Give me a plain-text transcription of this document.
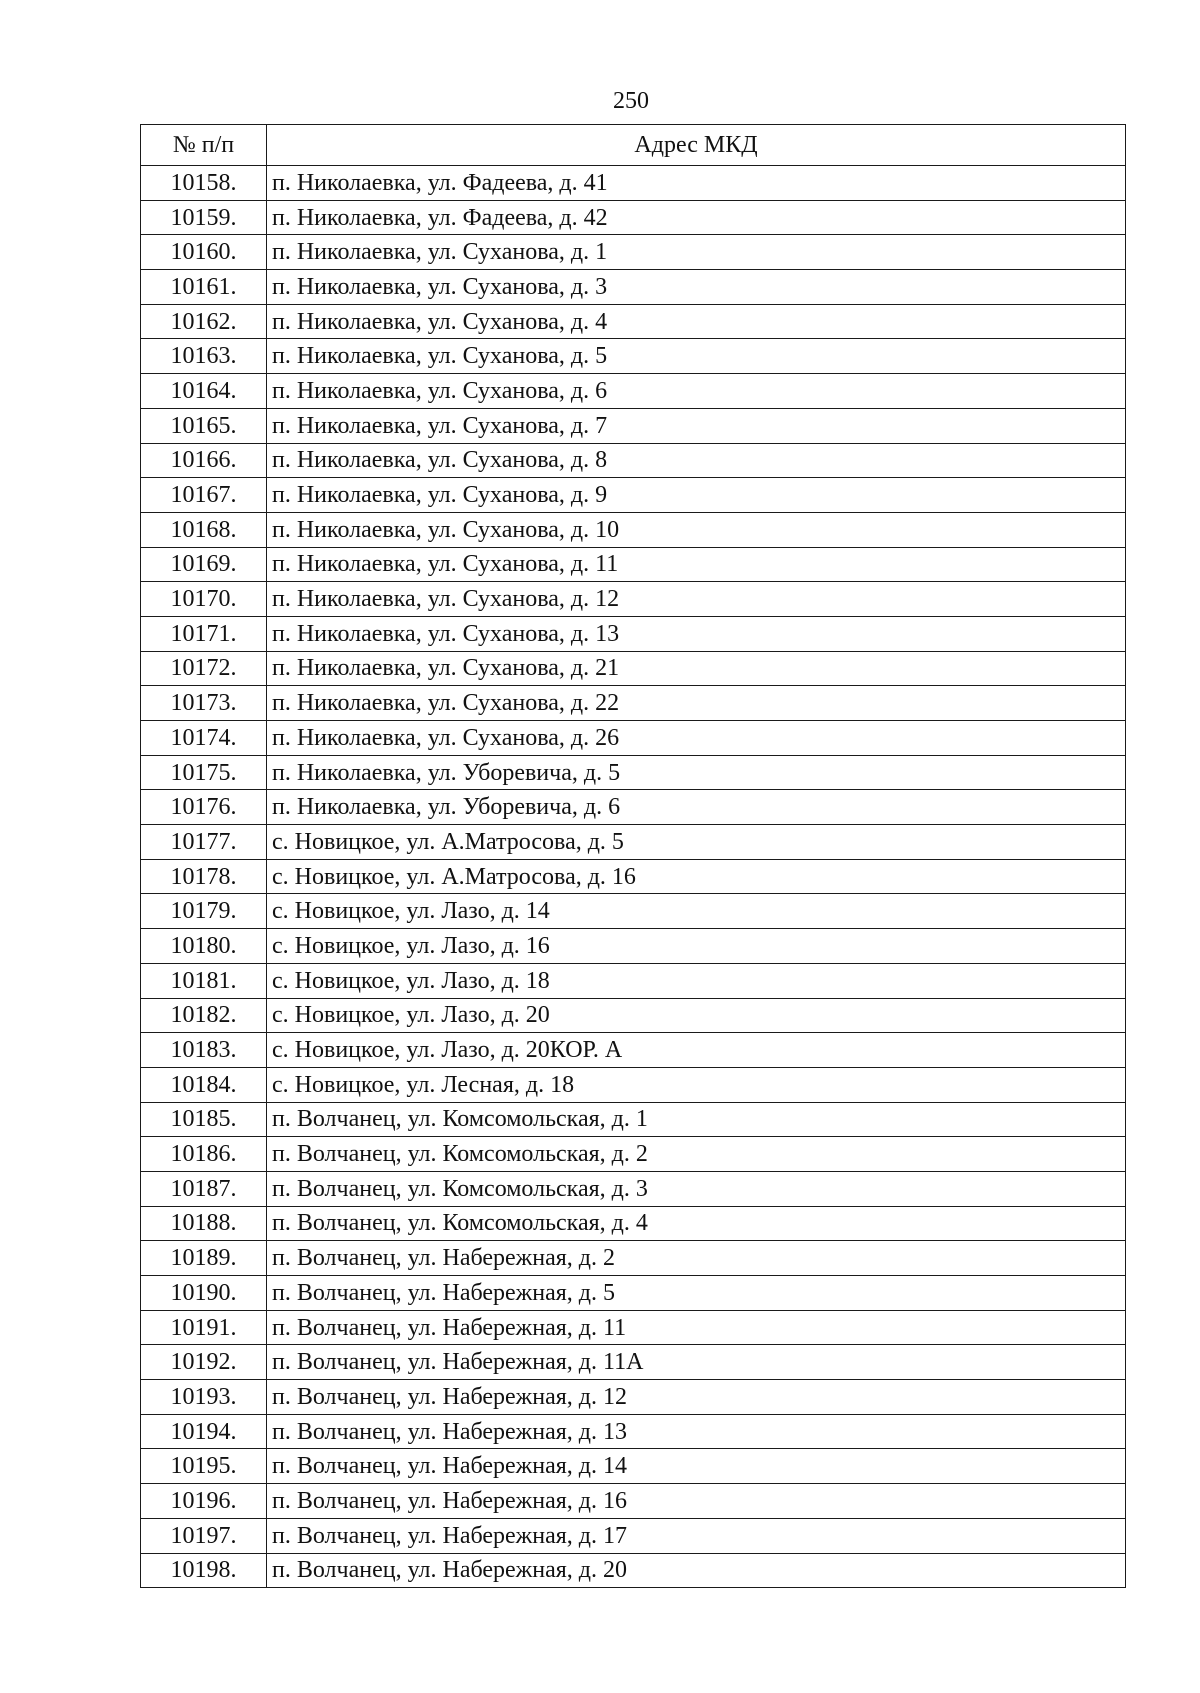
250
№ п/п	Адрес МКД
10158.	п. Николаевка, ул. Фадеева, д. 41
10159.	п. Николаевка, ул. Фадеева, д. 42
10160.	п. Николаевка, ул. Суханова, д. 1
10161.	п. Николаевка, ул. Суханова, д. 3
10162.	п. Николаевка, ул. Суханова, д. 4
10163.	п. Николаевка, ул. Суханова, д. 5
10164.	п. Николаевка, ул. Суханова, д. 6
10165.	п. Николаевка, ул. Суханова, д. 7
10166.	п. Николаевка, ул. Суханова, д. 8
10167.	п. Николаевка, ул. Суханова, д. 9
10168.	п. Николаевка, ул. Суханова, д. 10
10169.	п. Николаевка, ул. Суханова, д. 11
10170.	п. Николаевка, ул. Суханова, д. 12
10171.	п. Николаевка, ул. Суханова, д. 13
10172.	п. Николаевка, ул. Суханова, д. 21
10173.	п. Николаевка, ул. Суханова, д. 22
10174.	п. Николаевка, ул. Суханова, д. 26
10175.	п. Николаевка, ул. Уборевича, д. 5
10176.	п. Николаевка, ул. Уборевича, д. 6
10177.	с. Новицкое, ул. А.Матросова, д. 5
10178.	с. Новицкое, ул. А.Матросова, д. 16
10179.	с. Новицкое, ул. Лазо, д. 14
10180.	с. Новицкое, ул. Лазо, д. 16
10181.	с. Новицкое, ул. Лазо, д. 18
10182.	с. Новицкое, ул. Лазо, д. 20
10183.	с. Новицкое, ул. Лазо, д. 20КОР. А
10184.	с. Новицкое, ул. Лесная, д. 18
10185.	п. Волчанец, ул. Комсомольская, д. 1
10186.	п. Волчанец, ул. Комсомольская, д. 2
10187.	п. Волчанец, ул. Комсомольская, д. 3
10188.	п. Волчанец, ул. Комсомольская, д. 4
10189.	п. Волчанец, ул. Набережная, д. 2
10190.	п. Волчанец, ул. Набережная, д. 5
10191.	п. Волчанец, ул. Набережная, д. 11
10192.	п. Волчанец, ул. Набережная, д. 11А
10193.	п. Волчанец, ул. Набережная, д. 12
10194.	п. Волчанец, ул. Набережная, д. 13
10195.	п. Волчанец, ул. Набережная, д. 14
10196.	п. Волчанец, ул. Набережная, д. 16
10197.	п. Волчанец, ул. Набережная, д. 17
10198.	п. Волчанец, ул. Набережная, д. 20
